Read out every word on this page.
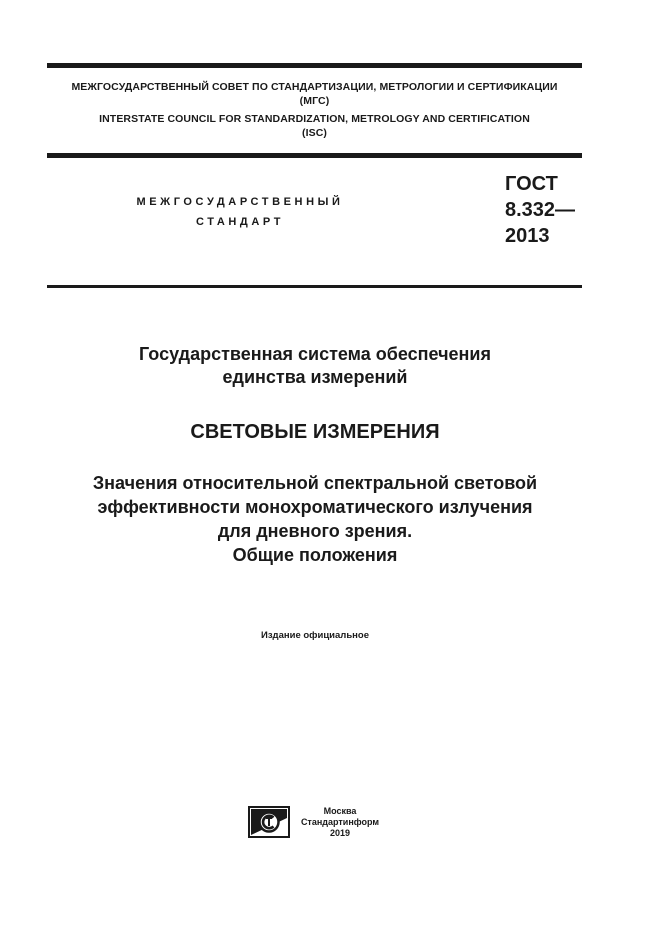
МЕЖГОСУДАРСТВЕННЫЙ СОВЕТ ПО СТАНДАРТИЗАЦИИ, МЕТРОЛОГИИ И СЕРТИФИКАЦИИ
(МГС)
INTERSTATE COUNCIL FOR STANDARDIZATION, METROLOGY AND CERTIFICATION
(ISC)
МЕЖГОСУДАРСТВЕННЫЙ
СТАНДАРТ
ГОСТ
8.332—
2013
Государственная система обеспечения
единства измерений
СВЕТОВЫЕ ИЗМЕРЕНИЯ
Значения относительной спектральной световой
эффективности монохроматического излучения
для дневного зрения.
Общие положения
Издание официальное
Москва
Стандартинформ
2019
